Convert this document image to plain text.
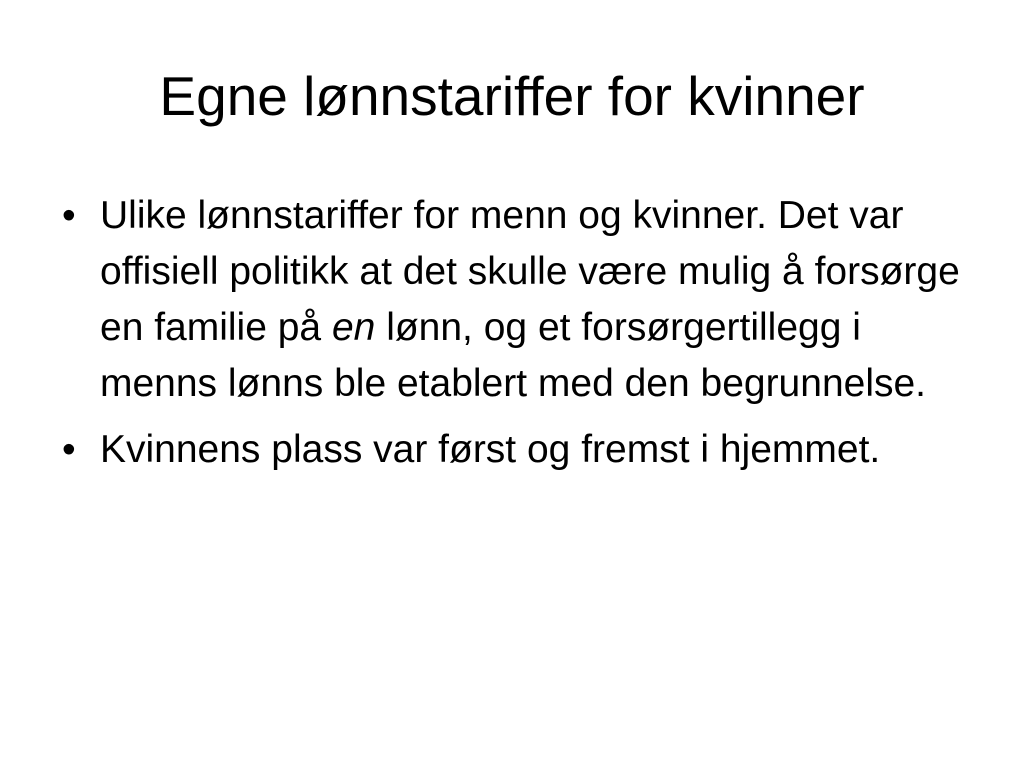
Egne lønnstariffer for kvinner
• Ulike lønnstariffer for menn og kvinner. Det var offisiell politikk at det skulle være mulig å forsørge en familie på en lønn, og et forsørgertillegg i menns lønns ble etablert med den begrunnelse.
• Kvinnens plass var først og fremst i hjemmet.
